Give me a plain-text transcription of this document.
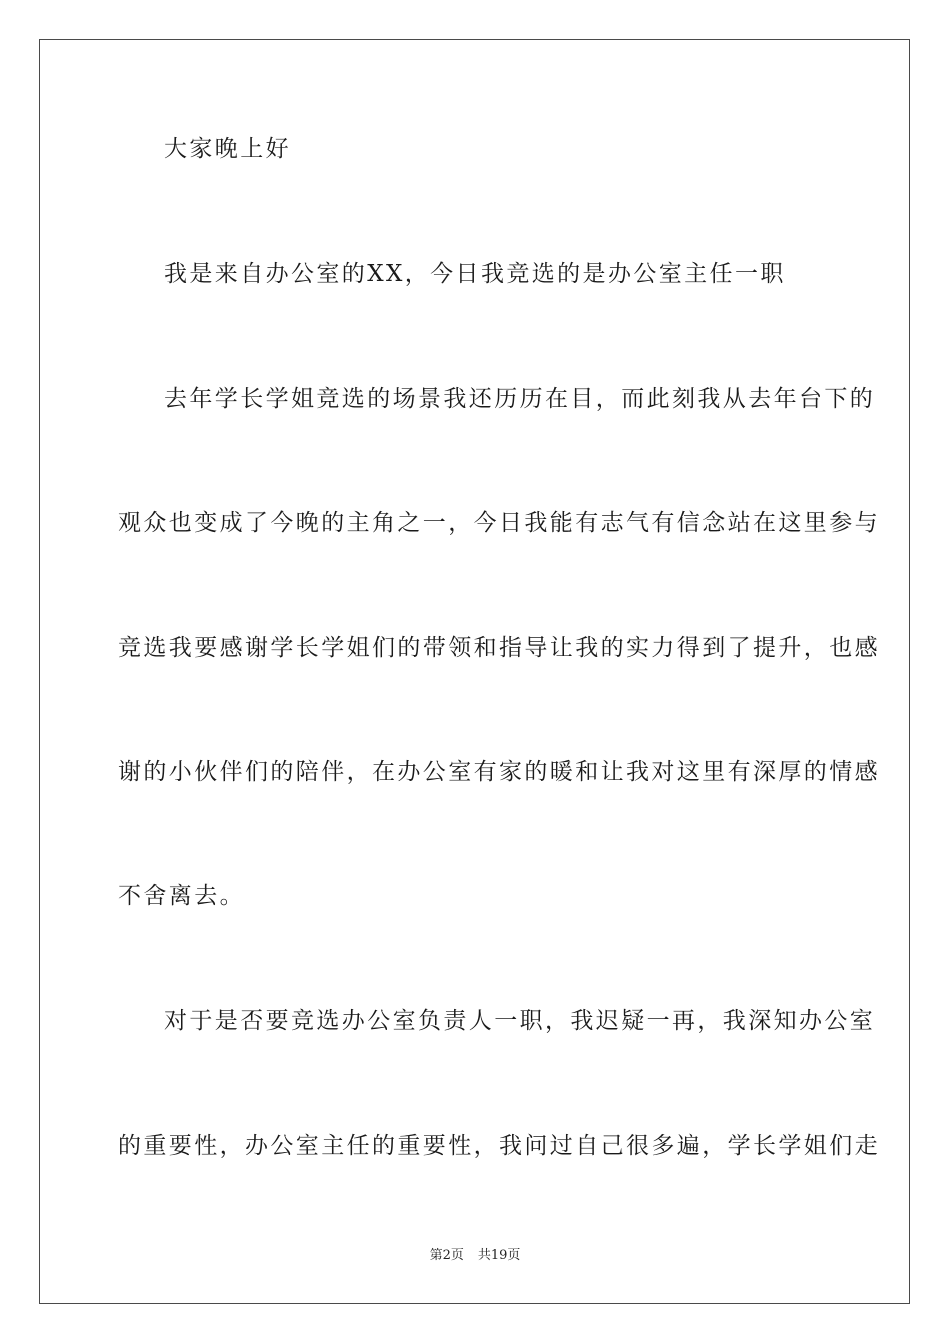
大家晚上好
我是来自办公室的XX，今日我竞选的是办公室主任一职
去年学长学姐竞选的场景我还历历在目，而此刻我从去年台下的
观众也变成了今晚的主角之一，今日我能有志气有信念站在这里参与
竞选我要感谢学长学姐们的带领和指导让我的实力得到了提升，也感
谢的小伙伴们的陪伴，在办公室有家的暖和让我对这里有深厚的情感
不舍离去。
对于是否要竞选办公室负责人一职，我迟疑一再，我深知办公室
的重要性，办公室主任的重要性，我问过自己很多遍，学长学姐们走
第2页 共19页
